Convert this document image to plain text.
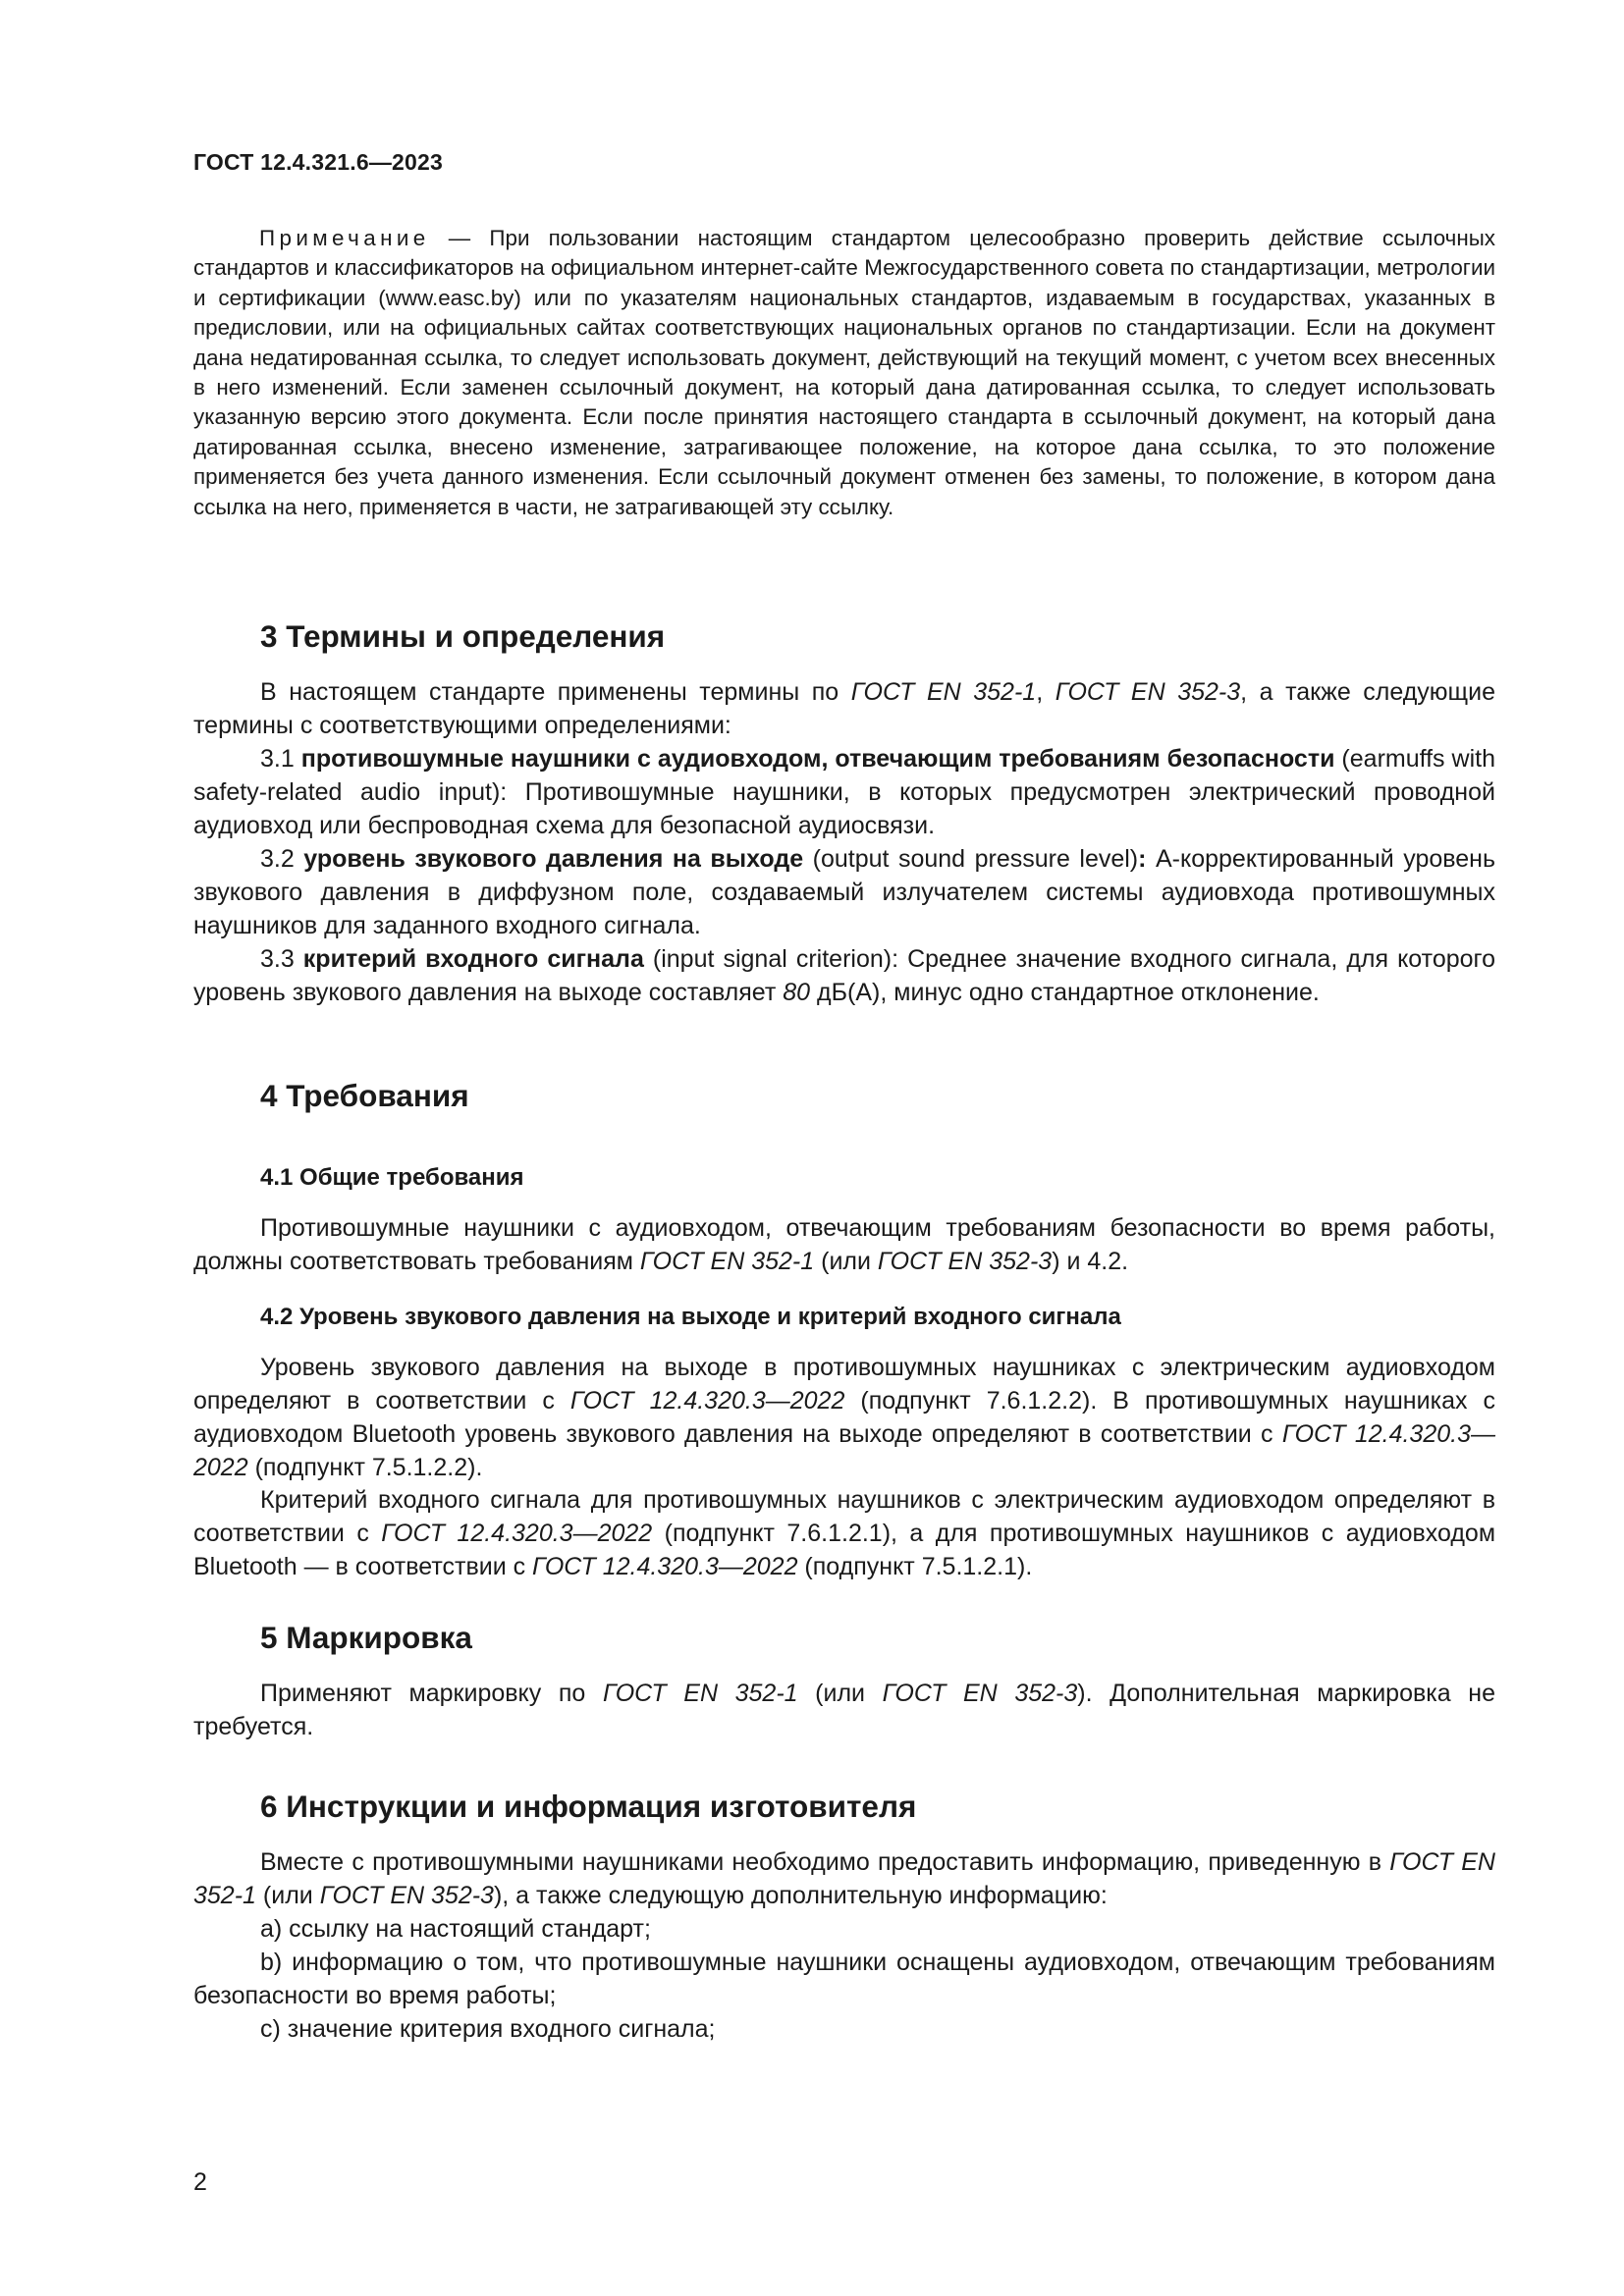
ГОСТ 12.4.321.6—2023
Примечание — При пользовании настоящим стандартом целесообразно проверить действие ссылочных стандартов и классификаторов на официальном интернет-сайте Межгосударственного совета по стандартизации, метрологии и сертификации (www.easc.by) или по указателям национальных стандартов, издаваемым в государствах, указанных в предисловии, или на официальных сайтах соответствующих национальных органов по стандартизации. Если на документ дана недатированная ссылка, то следует использовать документ, действующий на текущий момент, с учетом всех внесенных в него изменений. Если заменен ссылочный документ, на который дана датированная ссылка, то следует использовать указанную версию этого документа. Если после принятия настоящего стандарта в ссылочный документ, на который дана датированная ссылка, внесено изменение, затрагивающее положение, на которое дана ссылка, то это положение применяется без учета данного изменения. Если ссылочный документ отменен без замены, то положение, в котором дана ссылка на него, применяется в части, не затрагивающей эту ссылку.
3 Термины и определения
В настоящем стандарте применены термины по ГОСТ EN 352-1, ГОСТ EN 352-3, а также следующие термины с соответствующими определениями:
3.1 противошумные наушники с аудиовходом, отвечающим требованиям безопасности (earmuffs with safety-related audio input): Противошумные наушники, в которых предусмотрен электрический проводной аудиовход или беспроводная схема для безопасной аудиосвязи.
3.2 уровень звукового давления на выходе (output sound pressure level): А-корректированный уровень звукового давления в диффузном поле, создаваемый излучателем системы аудиовхода противошумных наушников для заданного входного сигнала.
3.3 критерий входного сигнала (input signal criterion): Среднее значение входного сигнала, для которого уровень звукового давления на выходе составляет 80 дБ(А), минус одно стандартное отклонение.
4 Требования
4.1 Общие требования
Противошумные наушники с аудиовходом, отвечающим требованиям безопасности во время работы, должны соответствовать требованиям ГОСТ EN 352-1 (или ГОСТ EN 352-3) и 4.2.
4.2 Уровень звукового давления на выходе и критерий входного сигнала
Уровень звукового давления на выходе в противошумных наушниках с электрическим аудиовходом определяют в соответствии с ГОСТ 12.4.320.3—2022 (подпункт 7.6.1.2.2). В противошумных наушниках с аудиовходом Bluetooth уровень звукового давления на выходе определяют в соответствии с ГОСТ 12.4.320.3—2022 (подпункт 7.5.1.2.2).
Критерий входного сигнала для противошумных наушников с электрическим аудиовходом определяют в соответствии с ГОСТ 12.4.320.3—2022 (подпункт 7.6.1.2.1), а для противошумных наушников с аудиовходом Bluetooth — в соответствии с ГОСТ 12.4.320.3—2022 (подпункт 7.5.1.2.1).
5 Маркировка
Применяют маркировку по ГОСТ EN 352-1 (или ГОСТ EN 352-3). Дополнительная маркировка не требуется.
6 Инструкции и информация изготовителя
Вместе с противошумными наушниками необходимо предоставить информацию, приведенную в ГОСТ EN 352-1 (или ГОСТ EN 352-3), а также следующую дополнительную информацию:
a) ссылку на настоящий стандарт;
b) информацию о том, что противошумные наушники оснащены аудиовходом, отвечающим требованиям безопасности во время работы;
c) значение критерия входного сигнала;
2
